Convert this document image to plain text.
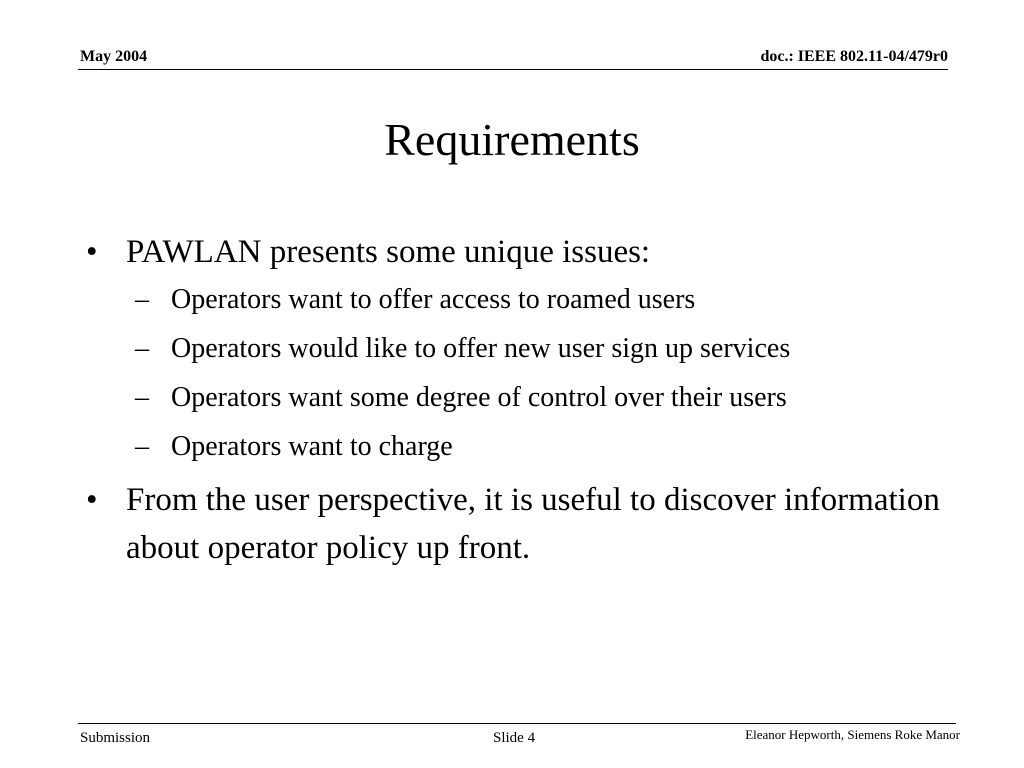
May 2004	doc.: IEEE 802.11-04/479r0
Requirements
• PAWLAN presents some unique issues:
– Operators want to offer access to roamed users
– Operators would like to offer new user sign up services
– Operators want some degree of control over their users
– Operators want to charge
• From the user perspective, it is useful to discover information about operator policy up front.
Submission	Slide 4	Eleanor Hepworth, Siemens Roke Manor
